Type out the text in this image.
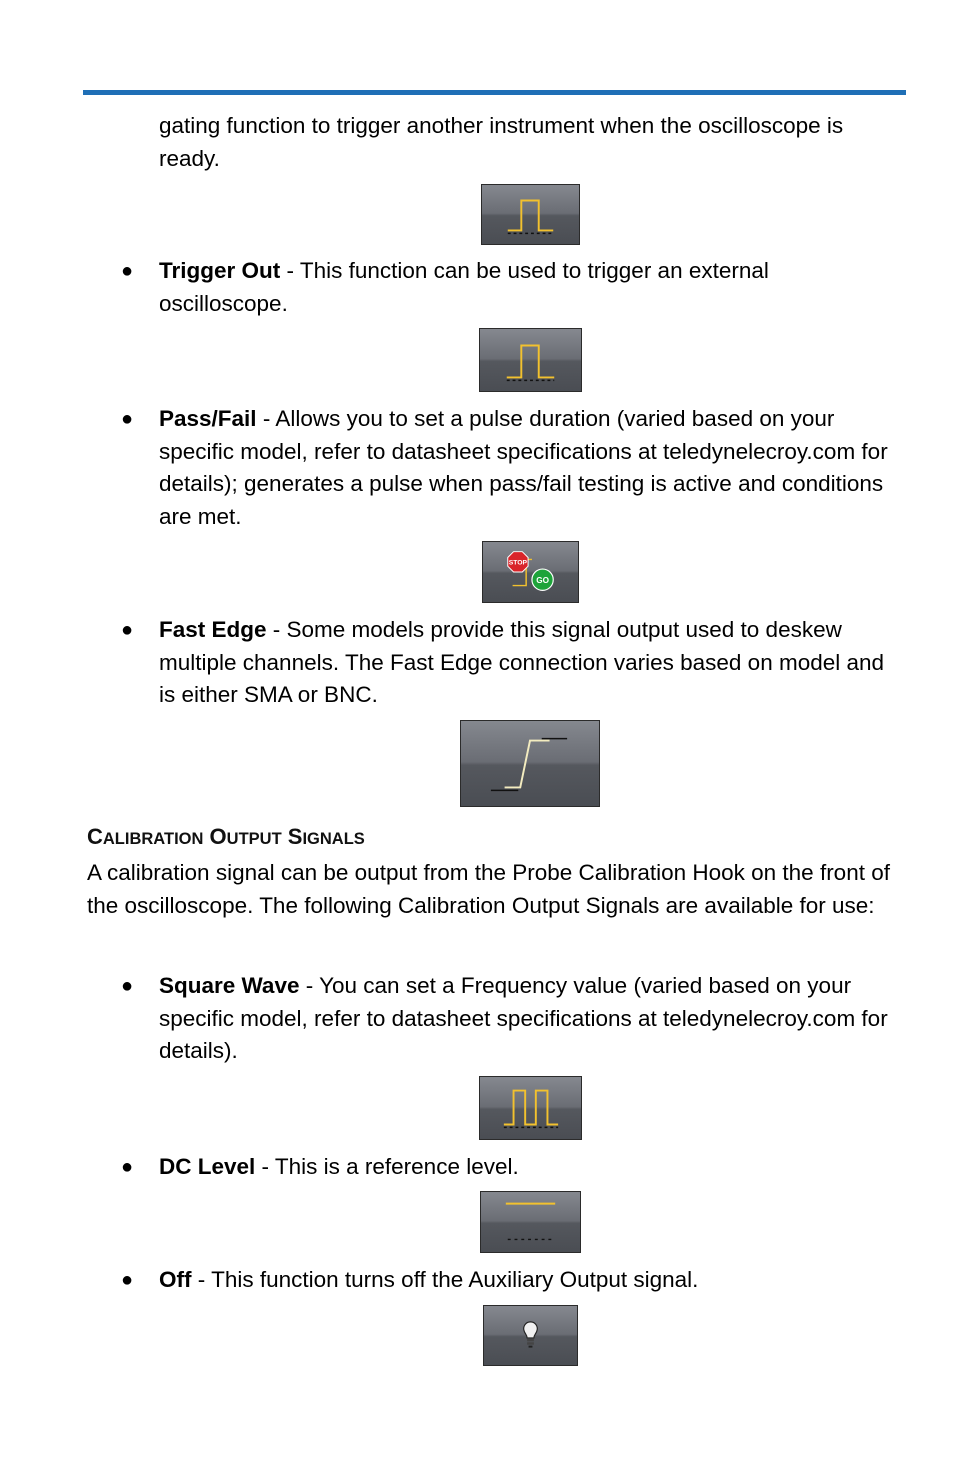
gating function to trigger another instrument when the oscilloscope is ready.

● Trigger Out - This function can be used to trigger an external oscilloscope.

● Pass/Fail - Allows you to set a pulse duration (varied based on your specific model, refer to datasheet specifications at teledynelecroy.com for details); generates a pulse when pass/fail testing is active and conditions are met.

STOP
GO
● Fast Edge - Some models provide this signal output used to deskew multiple channels. The Fast Edge connection varies based on model and is either SMA or BNC.

CALIBRATION OUTPUT SIGNALS

A calibration signal can be output from the Probe Calibration Hook on the front of the oscilloscope. The following Calibration Output Signals are available for use:

● Square Wave - You can set a Frequency value (varied based on your specific model, refer to datasheet specifications at teledynelecroy.com for details).

● DC Level - This is a reference level.

● Off - This function turns off the Auxiliary Output signal.
